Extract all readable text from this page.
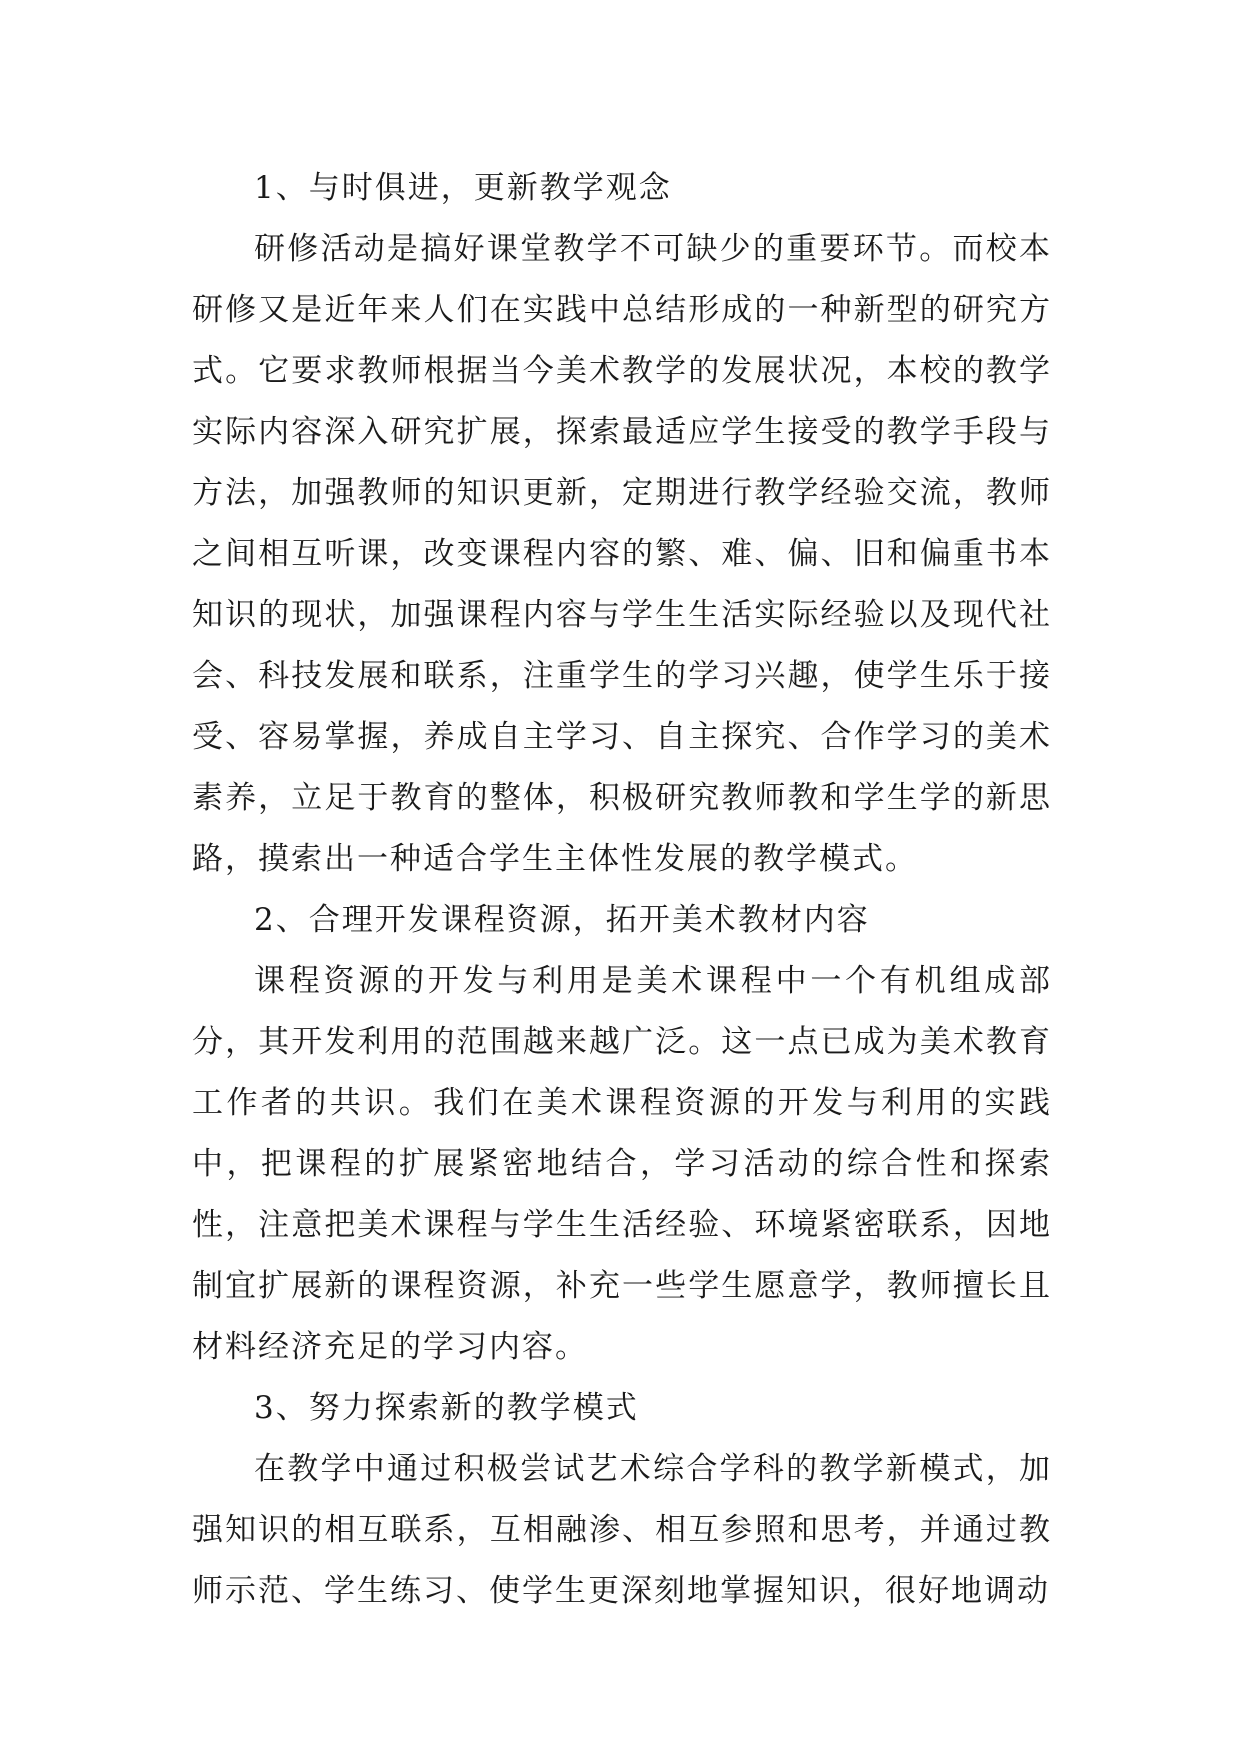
1、与时俱进，更新教学观念

研修活动是搞好课堂教学不可缺少的重要环节。而校本研修又是近年来人们在实践中总结形成的一种新型的研究方式。它要求教师根据当今美术教学的发展状况，本校的教学实际内容深入研究扩展，探索最适应学生接受的教学手段与方法，加强教师的知识更新，定期进行教学经验交流，教师之间相互听课，改变课程内容的繁、难、偏、旧和偏重书本知识的现状，加强课程内容与学生生活实际经验以及现代社会、科技发展和联系，注重学生的学习兴趣，使学生乐于接受、容易掌握，养成自主学习、自主探究、合作学习的美术素养，立足于教育的整体，积极研究教师教和学生学的新思路，摸索出一种适合学生主体性发展的教学模式。

2、合理开发课程资源，拓开美术教材内容

课程资源的开发与利用是美术课程中一个有机组成部分，其开发利用的范围越来越广泛。这一点已成为美术教育工作者的共识。我们在美术课程资源的开发与利用的实践中，把课程的扩展紧密地结合，学习活动的综合性和探索性，注意把美术课程与学生生活经验、环境紧密联系，因地制宜扩展新的课程资源，补充一些学生愿意学，教师擅长且材料经济充足的学习内容。

3、努力探索新的教学模式

在教学中通过积极尝试艺术综合学科的教学新模式，加强知识的相互联系，互相融渗、相互参照和思考，并通过教师示范、学生练习、使学生更深刻地掌握知识，很好地调动
